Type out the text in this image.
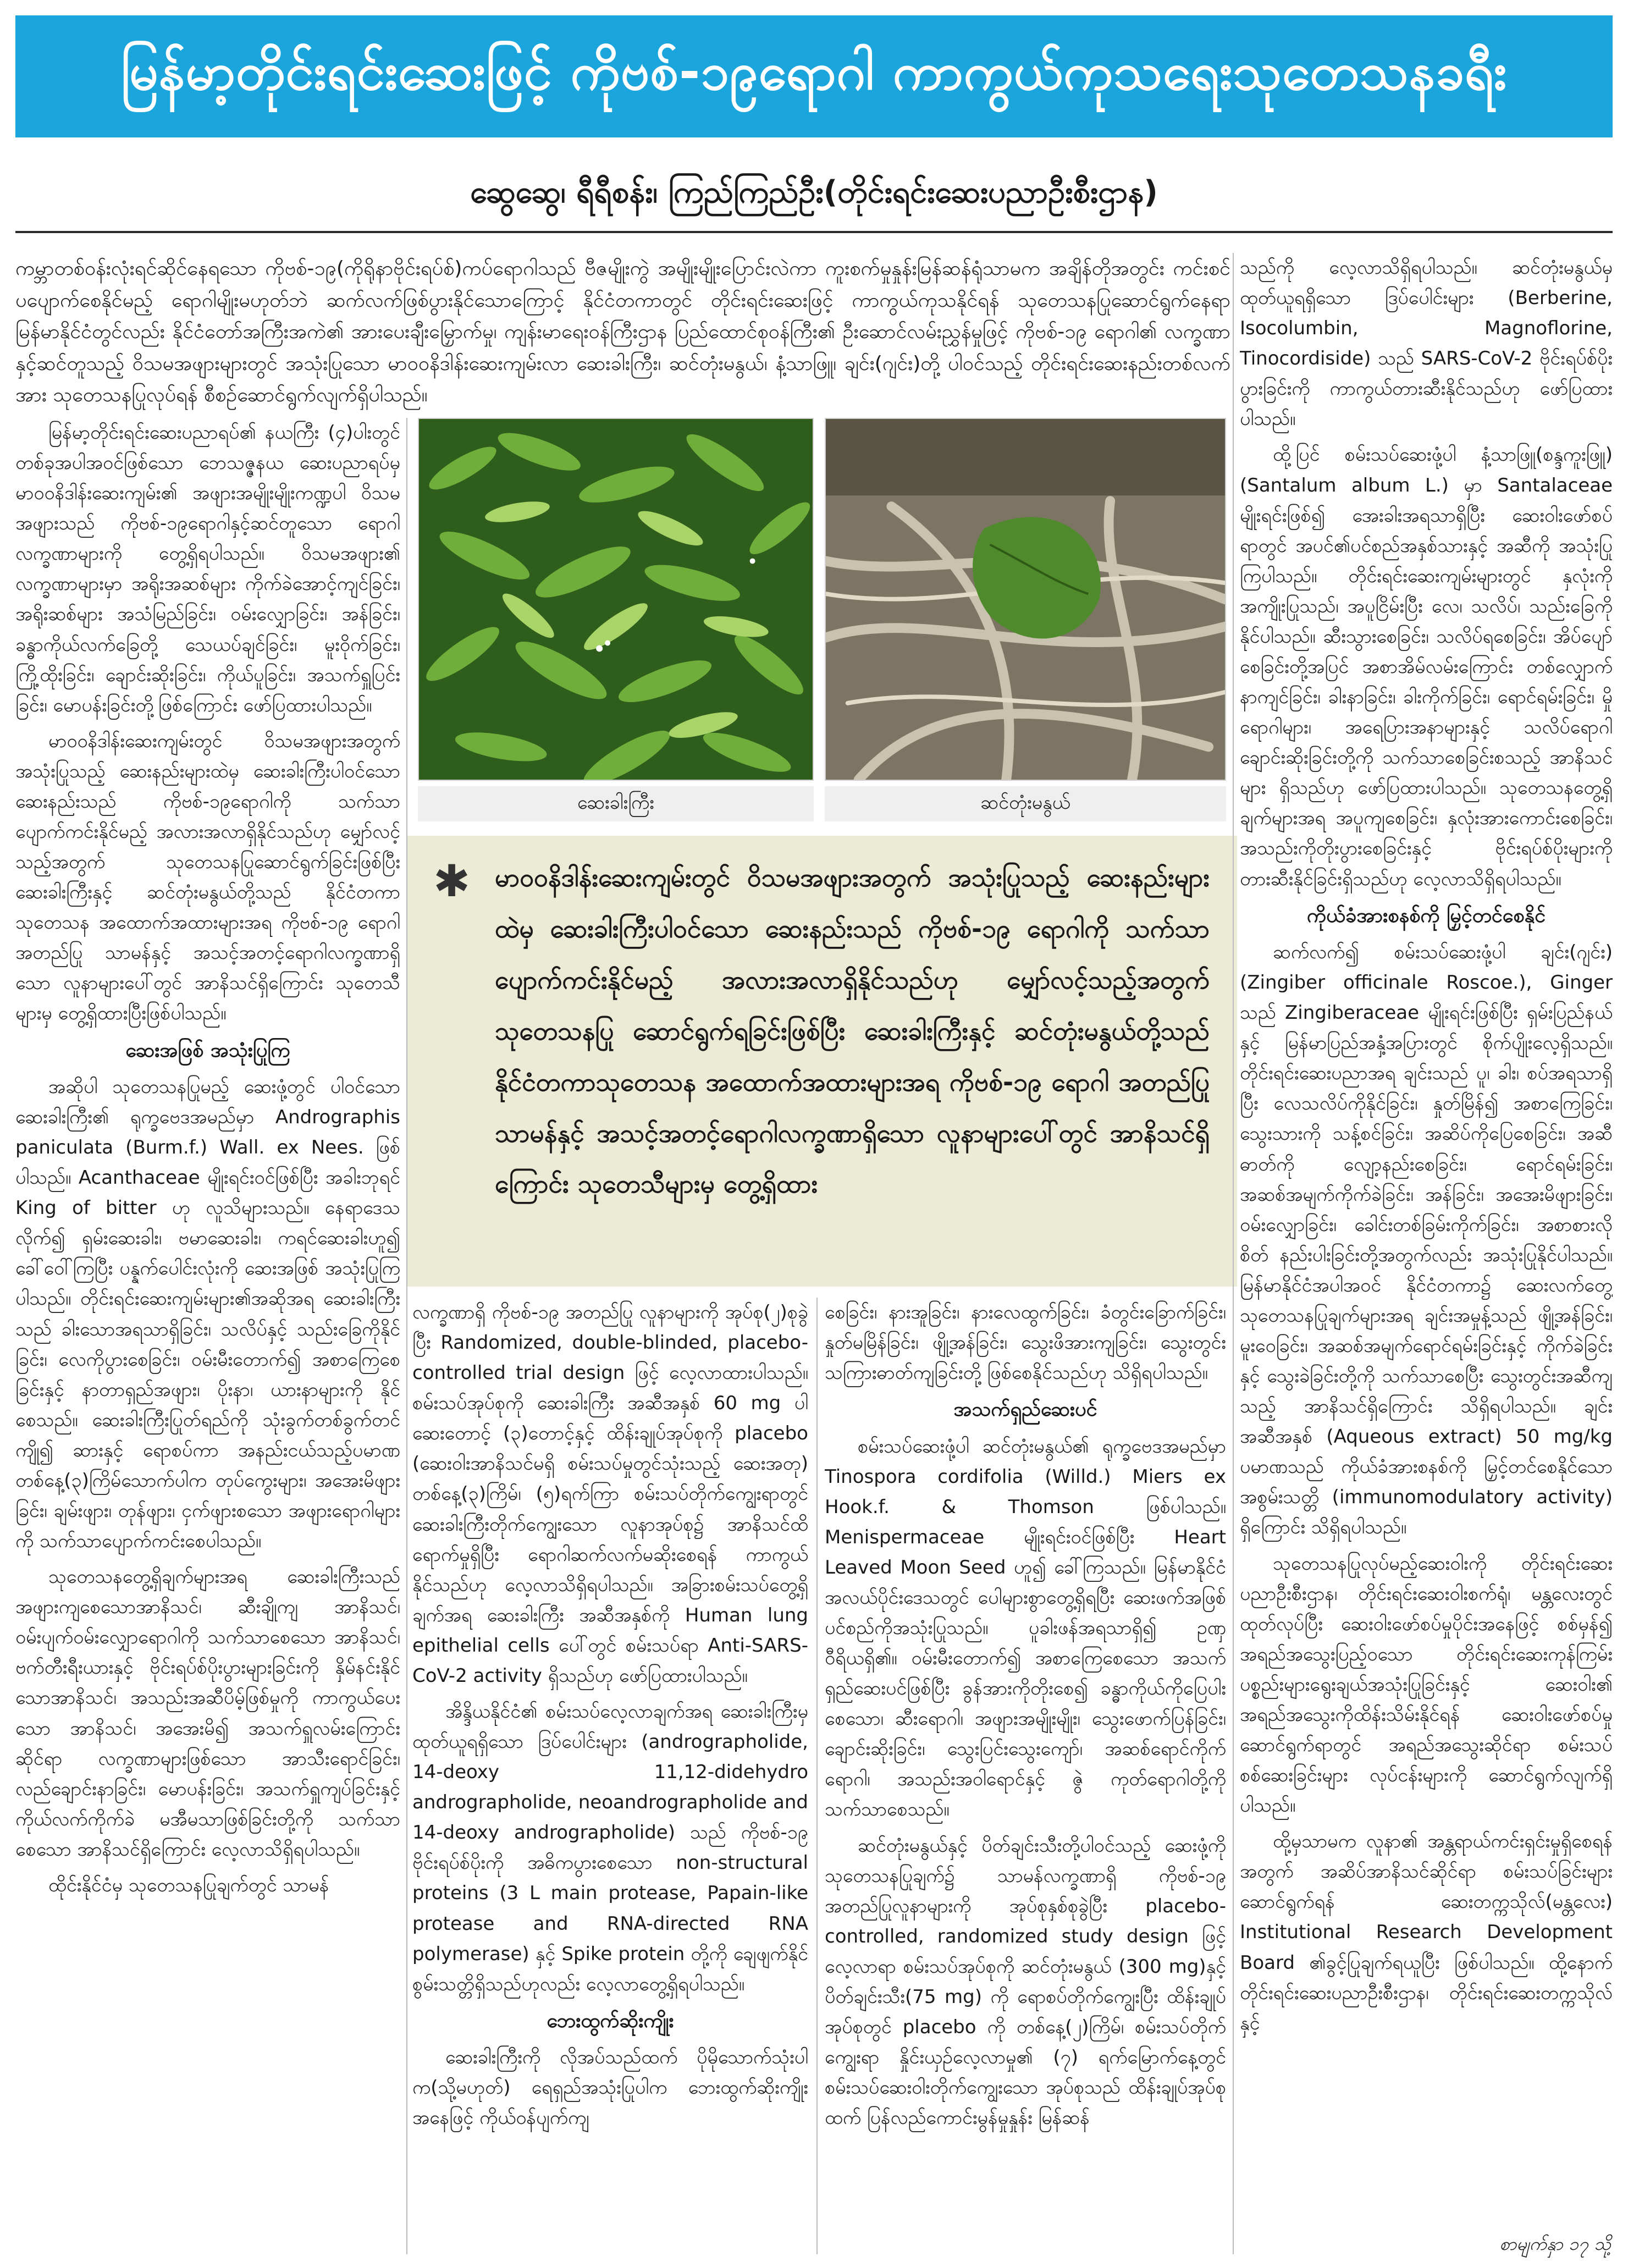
မြန်မာ့တိုင်းရင်းဆေးဖြင့် ကိုဗစ်-၁၉ရောဂါ ကာကွယ်ကုသရေးသုတေသနခရီး
ဆွေဆွေ၊ ရီရီစန်း၊ ကြည်ကြည်ဦး(တိုင်းရင်းဆေးပညာဦးစီးဌာန)
ကမ္ဘာတစ်ဝန်းလုံးရင်ဆိုင်နေရသော ကိုဗစ်-၁၉(ကိုရိုနာဗိုင်းရပ်စ်)ကပ်ရောဂါသည် ဗီဇမျိုးကွဲ အမျိုးမျိုးပြောင်းလဲကာ ကူးစက်မှုနှုန်းမြန်ဆန်ရုံသာမက အချိန်တိုအတွင်း ကင်းစင်ပပျောက်စေနိုင်မည့် ရောဂါမျိုးမဟုတ်ဘဲ ဆက်လက်ဖြစ်ပွားနိုင်သောကြောင့် နိုင်ငံတကာတွင် တိုင်းရင်းဆေးဖြင့် ကာကွယ်ကုသနိုင်ရန် သုတေသနပြုဆောင်ရွက်နေရာ မြန်မာနိုင်ငံတွင်လည်း နိုင်ငံတော်အကြီးအကဲ၏ အားပေးချီးမြှောက်မှု၊ ကျန်းမာရေးဝန်ကြီးဌာန ပြည်ထောင်စုဝန်ကြီး၏ ဦးဆောင်လမ်းညွှန်မှုဖြင့် ကိုဗစ်-၁၉ ရောဂါ၏ လက္ခဏာနှင့်ဆင်တူသည့် ဝိသမအဖျားများတွင် အသုံးပြုသော မာဝဝနိဒါန်းဆေးကျမ်းလာ ဆေးခါးကြီး၊ ဆင်တုံးမနွယ်၊ နံ့သာဖြူ၊ ချင်း(ဂျင်း)တို့ ပါဝင်သည့် တိုင်းရင်းဆေးနည်းတစ်လက်အား သုတေသနပြုလုပ်ရန် စီစဉ်ဆောင်ရွက်လျက်ရှိပါသည်။
ဆေးခါးကြီး	ဆင်တုံးမနွယ်
✱ မာဝဝနိဒါန်းဆေးကျမ်းတွင် ဝိသမအဖျားအတွက် အသုံးပြုသည့် ဆေးနည်းများထဲမှ ဆေးခါးကြီးပါဝင်သော ဆေးနည်းသည် ကိုဗစ်-၁၉ ရောဂါကို သက်သာပျောက်ကင်းနိုင်မည့် အလားအလာရှိနိုင်သည်ဟု မျှော်လင့်သည့်အတွက် သုတေသနပြု ဆောင်ရွက်ရခြင်းဖြစ်ပြီး ဆေးခါးကြီးနှင့် ဆင်တုံးမနွယ်တို့သည် နိုင်ငံတကာသုတေသန အထောက်အထားများအရ ကိုဗစ်-၁၉ ရောဂါ အတည်ပြု သာမန်နှင့် အသင့်အတင့်ရောဂါလက္ခဏာရှိသော လူနာများပေါ်တွင် အာနိသင်ရှိကြောင်း သုတေသီများမှ တွေ့ရှိထား

မြန်မာ့တိုင်းရင်းဆေးပညာရပ်၏ နယကြီး (၄)ပါးတွင် တစ်ခုအပါအဝင်ဖြစ်သော ဘေသဇ္ဇနယ ဆေးပညာရပ်မှ မာဝဝနိဒါန်းဆေးကျမ်း၏ အဖျားအမျိုးမျိုးကဏ္ဍပါ ဝိသမအဖျားသည် ကိုဗစ်-၁၉ရောဂါနှင့်ဆင်တူသော ရောဂါလက္ခဏာများကို တွေ့ရှိရပါသည်။ ဝိသမအဖျား၏ လက္ခဏာများမှာ အရိုးအဆစ်များ ကိုက်ခဲအောင့်ကျင်ခြင်း၊ အရိုးဆစ်များ အသံမြည်ခြင်း၊ ဝမ်းလျှောခြင်း၊ အန်ခြင်း၊ ခန္ဓာကိုယ်လက်ခြေတို့ သေယပ်ချင်ခြင်း၊ မူးဝိုက်ခြင်း၊ ကြို့ထိုးခြင်း၊ ချောင်းဆိုးခြင်း၊ ကိုယ်ပူခြင်း၊ အသက်ရှူပြင်းခြင်း၊ မောပန်းခြင်းတို့ဖြစ်ကြောင်း ဖော်ပြထားပါသည်။

မာဝဝနိဒါန်းဆေးကျမ်းတွင် ဝိသမအဖျားအတွက် အသုံးပြုသည့် ဆေးနည်းများထဲမှ ဆေးခါးကြီးပါဝင်သော ဆေးနည်းသည် ကိုဗစ်-၁၉ရောဂါကို သက်သာပျောက်ကင်းနိုင်မည့် အလားအလာရှိနိုင်သည်ဟု မျှော်လင့်သည့်အတွက် သုတေသနပြုဆောင်ရွက်ခြင်းဖြစ်ပြီး ဆေးခါးကြီးနှင့် ဆင်တုံးမနွယ်တို့သည် နိုင်ငံတကာသုတေသန အထောက်အထားများအရ ကိုဗစ်-၁၉ ရောဂါ အတည်ပြု သာမန်နှင့် အသင့်အတင့်ရောဂါလက္ခဏာရှိသော လူနာများပေါ်တွင် အာနိသင်ရှိကြောင်း သုတေသီများမှ တွေ့ရှိထားပြီးဖြစ်ပါသည်။

ဆေးအဖြစ် အသုံးပြုကြ

အဆိုပါ သုတေသနပြုမည့် ဆေးဖုံ့တွင် ပါဝင်သော ဆေးခါးကြီး၏ ရုက္ခဗေဒအမည်မှာ Andrographis paniculata (Burm.f.) Wall. ex Nees. ဖြစ်ပါသည်။ Acanthaceae မျိုးရင်းဝင်ဖြစ်ပြီး အခါးဘုရင် King of bitter ဟု လူသိများသည်။ နေရာဒေသလိုက်၍ ရှမ်းဆေးခါး၊ ဗမာဆေးခါး၊ ကရင်ဆေးခါးဟူ၍ ခေါ်ဝေါ်ကြပြီး ပန္နက်ပေါင်းလုံးကို ဆေးအဖြစ် အသုံးပြုကြပါသည်။ တိုင်းရင်းဆေးကျမ်းများ၏အဆိုအရ ဆေးခါးကြီးသည် ခါးသောအရသာရှိခြင်း၊ သလိပ်နှင့် သည်းခြေကိုနိုင်ခြင်း၊ လေကိုပွားစေခြင်း၊ ဝမ်းမီးတောက်၍ အစာကြေစေခြင်းနှင့် နာတာရှည်အဖျား၊ ပိုးနာ၊ ယားနာများကို နိုင်စေသည်။ ဆေးခါးကြီးပြုတ်ရည်ကို သုံးခွက်တစ်ခွက်တင် ကျို၍ ဆားနှင့် ရောစပ်ကာ အနည်းငယ်သည့်ပမာဏ တစ်နေ့(၃)ကြိမ်သောက်ပါက တုပ်ကွေးများ၊ အအေးမိဖျားခြင်း၊ ချမ်းဖျား၊ တုန်ဖျား၊ ငှက်ဖျားစသော အဖျားရောဂါများကို သက်သာပျောက်ကင်းစေပါသည်။

သုတေသနတွေ့ရှိချက်များအရ ဆေးခါးကြီးသည် အဖျားကျစေသောအာနိသင်၊ ဆီးချိုကျ အာနိသင်၊ ဝမ်းပျက်ဝမ်းလျှောရောဂါကို သက်သာစေသော အာနိသင်၊ ဗက်တီးရီးယားနှင့် ဗိုင်းရပ်စ်ပိုးပွားများခြင်းကို နှိမ်နင်းနိုင်သောအာနိသင်၊ အသည်းအဆီပိမ့်ဖြစ်မှုကို ကာကွယ်ပေးသော အာနိသင်၊ အအေးမိ၍ အသက်ရှူလမ်းကြောင်းဆိုင်ရာ လက္ခဏာများဖြစ်သော အာသီးရောင်ခြင်း၊ လည်ချောင်းနာခြင်း၊ မောပန်းခြင်း၊ အသက်ရှူကျပ်ခြင်းနှင့် ကိုယ်လက်ကိုက်ခဲ မအီမသာဖြစ်ခြင်းတို့ကို သက်သာစေသော အာနိသင်ရှိကြောင်း လေ့လာသိရှိရပါသည်။

ထိုင်းနိုင်ငံမှ သုတေသနပြုချက်တွင် သာမန်

လက္ခဏာရှိ ကိုဗစ်-၁၉ အတည်ပြု လူနာများကို အုပ်စု(၂)စုခွဲပြီး Randomized, double-blinded, placebo-controlled trial design ဖြင့် လေ့လာထားပါသည်။ စမ်းသပ်အုပ်စုကို ဆေးခါးကြီး အဆီအနှစ် 60 mg ပါ ဆေးတောင့် (၃)တောင့်နှင့် ထိန်းချုပ်အုပ်စုကို placebo (ဆေးဝါးအာနိသင်မရှိ စမ်းသပ်မှုတွင်သုံးသည့် ဆေးအတု) တစ်နေ့(၃)ကြိမ်၊ (၅)ရက်ကြာ စမ်းသပ်တိုက်ကျွေးရာတွင် ဆေးခါးကြီးတိုက်ကျွေးသော လူနာအုပ်စု၌ အာနိသင်ထိရောက်မှုရှိပြီး ရောဂါဆက်လက်မဆိုးစေရန် ကာကွယ်နိုင်သည်ဟု လေ့လာသိရှိရပါသည်။ အခြားစမ်းသပ်တွေ့ရှိချက်အရ ဆေးခါးကြီး အဆီအနှစ်ကို Human lung epithelial cells ပေါ်တွင် စမ်းသပ်ရာ Anti-SARS-CoV-2 activity ရှိသည်ဟု ဖော်ပြထားပါသည်။

အိန္ဒိယနိုင်ငံ၏ စမ်းသပ်လေ့လာချက်အရ ဆေးခါးကြီးမှ ထုတ်ယူရရှိသော ဒြပ်ပေါင်းများ (andrographolide, 14-deoxy 11,12-didehydro andrographolide, neoandrographolide and 14-deoxy andrographolide) သည် ကိုဗစ်-၁၉ ဗိုင်းရပ်စ်ပိုးကို အဓိကပွားစေသော non-structural proteins (3 L main protease, Papain-like protease and RNA-directed RNA polymerase) နှင့် Spike protein တို့ကို ချေဖျက်နိုင်စွမ်းသတ္တိရှိသည်ဟုလည်း လေ့လာတွေ့ရှိရပါသည်။

ဘေးထွက်ဆိုးကျိုး

ဆေးခါးကြီးကို လိုအပ်သည်ထက် ပိုမိုသောက်သုံးပါက(သို့မဟုတ်) ရေရှည်အသုံးပြုပါက ဘေးထွက်ဆိုးကျိုးအနေဖြင့် ကိုယ်ဝန်ပျက်ကျ

စေခြင်း၊ နားအူခြင်း၊ နားလေထွက်ခြင်း၊ ခံတွင်းခြောက်ခြင်း၊ နှုတ်မမြိန်ခြင်း၊ ဖျို့အန်ခြင်း၊ သွေးဖိအားကျခြင်း၊ သွေးတွင်းသကြားဓာတ်ကျခြင်းတို့ ဖြစ်စေနိုင်သည်ဟု သိရှိရပါသည်။

အသက်ရှည်ဆေးပင်

စမ်းသပ်ဆေးဖုံ့ပါ ဆင်တုံးမနွယ်၏ ရုက္ခဗေဒအမည်မှာ Tinospora cordifolia (Willd.) Miers ex Hook.f. & Thomson ဖြစ်ပါသည်။ Menispermaceae မျိုးရင်းဝင်ဖြစ်ပြီး Heart Leaved Moon Seed ဟူ၍ ခေါ်ကြသည်။ မြန်မာနိုင်ငံအလယ်ပိုင်းဒေသတွင် ပေါများစွာတွေ့ရှိရပြီး ဆေးဖက်အဖြစ်ပင်စည်ကိုအသုံးပြုသည်။ ပူခါးဖန်အရသာရှိ၍ ဥဏှဝီရိယရှိ၏။ ဝမ်းမီးတောက်၍ အစာကြေစေသော အသက်ရှည်ဆေးပင်ဖြစ်ပြီး ခွန်အားကိုတိုးစေ၍ ခန္ဓာကိုယ်ကိုပြေပါးစေသော၊ ဆီးရောဂါ၊ အဖျားအမျိုးမျိုး၊ သွေးဖောက်ပြန်ခြင်း၊ ချောင်းဆိုးခြင်း၊ သွေးပြင်းသွေးကျော်၊ အဆစ်ရောင်ကိုက်ရောဂါ၊ အသည်းအဝါရောင်နှင့် ဇွဲ ကုတ်ရောဂါတို့ကို သက်သာစေသည်။

ဆင်တုံးမနွယ်နှင့် ပိတ်ချင်းသီးတို့ပါဝင်သည့် ဆေးဖုံ့ကို သုတေသနပြုချက်၌ သာမန်လက္ခဏာရှိ ကိုဗစ်-၁၉ အတည်ပြုလူနာများကို အုပ်စုနှစ်စုခွဲပြီး placebo-controlled, randomized study design ဖြင့်လေ့လာရာ စမ်းသပ်အုပ်စုကို ဆင်တုံးမနွယ် (300 mg)နှင့် ပိတ်ချင်းသီး(75 mg) ကို ရောစပ်တိုက်ကျွေးပြီး ထိန်းချုပ်အုပ်စုတွင် placebo ကို တစ်နေ့(၂)ကြိမ်၊ စမ်းသပ်တိုက်ကျွေးရာ နှိုင်းယှဉ်လေ့လာမှု၏ (၇) ရက်မြောက်နေ့တွင် စမ်းသပ်ဆေးဝါးတိုက်ကျွေးသော အုပ်စုသည် ထိန်းချုပ်အုပ်စုထက် ပြန်လည်ကောင်းမွန်မှုနှုန်း မြန်ဆန်

သည်ကို လေ့လာသိရှိရပါသည်။ ဆင်တုံးမနွယ်မှ ထုတ်ယူရရှိသော ဒြပ်ပေါင်းများ (Berberine, Isocolumbin, Magnoflorine, Tinocordiside) သည် SARS-CoV-2 ဗိုင်းရပ်စ်ပိုးပွားခြင်းကို ကာကွယ်တားဆီးနိုင်သည်ဟု ဖော်ပြထားပါသည်။

ထို့ပြင် စမ်းသပ်ဆေးဖုံ့ပါ နံ့သာဖြူ(စန္ဒကူးဖြူ) (Santalum album L.) မှာ Santalaceae မျိုးရင်းဖြစ်၍ အေးခါးအရသာရှိပြီး ဆေးဝါးဖော်စပ်ရာတွင် အပင်၏ပင်စည်အနှစ်သားနှင့် အဆီကို အသုံးပြုကြပါသည်။ တိုင်းရင်းဆေးကျမ်းများတွင် နှလုံးကိုအကျိုးပြုသည်၊ အပူငြိမ်းပြီး လေ၊ သလိပ်၊ သည်းခြေကိုနိုင်ပါသည်။ ဆီးသွားစေခြင်း၊ သလိပ်ရစေခြင်း၊ အိပ်ပျော်စေခြင်းတို့အပြင် အစာအိမ်လမ်းကြောင်း တစ်လျှောက်နာကျင်ခြင်း၊ ခါးနာခြင်း၊ ခါးကိုက်ခြင်း၊ ရောင်ရမ်းခြင်း၊ မှိုရောဂါများ၊ အရေပြားအနာများနှင့် သလိပ်ရောဂါ ချောင်းဆိုးခြင်းတို့ကို သက်သာစေခြင်းစသည့် အာနိသင်များ ရှိသည်ဟု ဖော်ပြထားပါသည်။ သုတေသနတွေ့ရှိချက်များအရ အပူကျစေခြင်း၊ နှလုံးအားကောင်းစေခြင်း၊ အသည်းကိုတိုးပွားစေခြင်းနှင့် ဗိုင်းရပ်စ်ပိုးများကို တားဆီးနိုင်ခြင်းရှိသည်ဟု လေ့လာသိရှိရပါသည်။

ကိုယ်ခံအားစနစ်ကို မြှင့်တင်စေနိုင်

ဆက်လက်၍ စမ်းသပ်ဆေးဖုံ့ပါ ချင်း(ဂျင်း) (Zingiber officinale Roscoe.), Ginger သည် Zingiberaceae မျိုးရင်းဖြစ်ပြီး ရှမ်းပြည်နယ်နှင့် မြန်မာပြည်အနှံ့အပြားတွင် စိုက်ပျိုးလေ့ရှိသည်။ တိုင်းရင်းဆေးပညာအရ ချင်းသည် ပူ၊ ခါး၊ စပ်အရသာရှိပြီး လေသလိပ်ကိုနိုင်ခြင်း၊ နှုတ်မြိန်၍ အစာကြေခြင်း၊ သွေးသားကို သန့်စင်ခြင်း၊ အဆိပ်ကိုပြေစေခြင်း၊ အဆီဓာတ်ကို လျော့နည်းစေခြင်း၊ ရောင်ရမ်းခြင်း၊ အဆစ်အမျက်ကိုက်ခဲခြင်း၊ အန်ခြင်း၊ အအေးမိဖျားခြင်း၊ ဝမ်းလျှောခြင်း၊ ခေါင်းတစ်ခြမ်းကိုက်ခြင်း၊ အစာစားလိုစိတ် နည်းပါးခြင်းတို့အတွက်လည်း အသုံးပြုနိုင်ပါသည်။ မြန်မာနိုင်ငံအပါအဝင် နိုင်ငံတကာ၌ ဆေးလက်တွေ့သုတေသနပြုချက်များအရ ချင်းအမှုန့်သည် ဖျို့အန်ခြင်း၊ မူးဝေခြင်း၊ အဆစ်အမျက်ရောင်ရမ်းခြင်းနှင့် ကိုက်ခဲခြင်းနှင့် သွေးခဲခြင်းတို့ကို သက်သာစေပြီး သွေးတွင်းအဆီကျသည့် အာနိသင်ရှိကြောင်း သိရှိရပါသည်။ ချင်းအဆီအနှစ် (Aqueous extract) 50 mg/kg ပမာဏသည် ကိုယ်ခံအားစနစ်ကို မြှင့်တင်စေနိုင်သော အစွမ်းသတ္တိ (immunomodulatory activity) ရှိကြောင်း သိရှိရပါသည်။

သုတေသနပြုလုပ်မည့်ဆေးဝါးကို တိုင်းရင်းဆေးပညာဦးစီးဌာန၊ တိုင်းရင်းဆေးဝါးစက်ရုံ၊ မန္တလေးတွင် ထုတ်လုပ်ပြီး ဆေးဝါးဖော်စပ်မှုပိုင်းအနေဖြင့် စစ်မှန်၍ အရည်အသွေးပြည့်ဝသော တိုင်းရင်းဆေးကုန်ကြမ်းပစ္စည်းများရွေးချယ်အသုံးပြုခြင်းနှင့် ဆေးဝါး၏ အရည်အသွေးကိုထိန်းသိမ်းနိုင်ရန် ဆေးဝါးဖော်စပ်မှုဆောင်ရွက်ရာတွင် အရည်အသွေးဆိုင်ရာ စမ်းသပ်စစ်ဆေးခြင်းများ လုပ်ငန်းများကို ဆောင်ရွက်လျက်ရှိပါသည်။

ထို့မှသာမက လူနာ၏ အန္တရာယ်ကင်းရှင်းမှုရှိစေရန်အတွက် အဆိပ်အာနိသင်ဆိုင်ရာ စမ်းသပ်ခြင်းများဆောင်ရွက်ရန် ဆေးတက္ကသိုလ်(မန္တလေး) Institutional Research Development Board ၏ခွင့်ပြုချက်ရယူပြီး ဖြစ်ပါသည်။ ထို့နောက် တိုင်းရင်းဆေးပညာဦးစီးဌာန၊ တိုင်းရင်းဆေးတက္ကသိုလ်နှင့်

စာမျက်နှာ ၁၇ သို့
